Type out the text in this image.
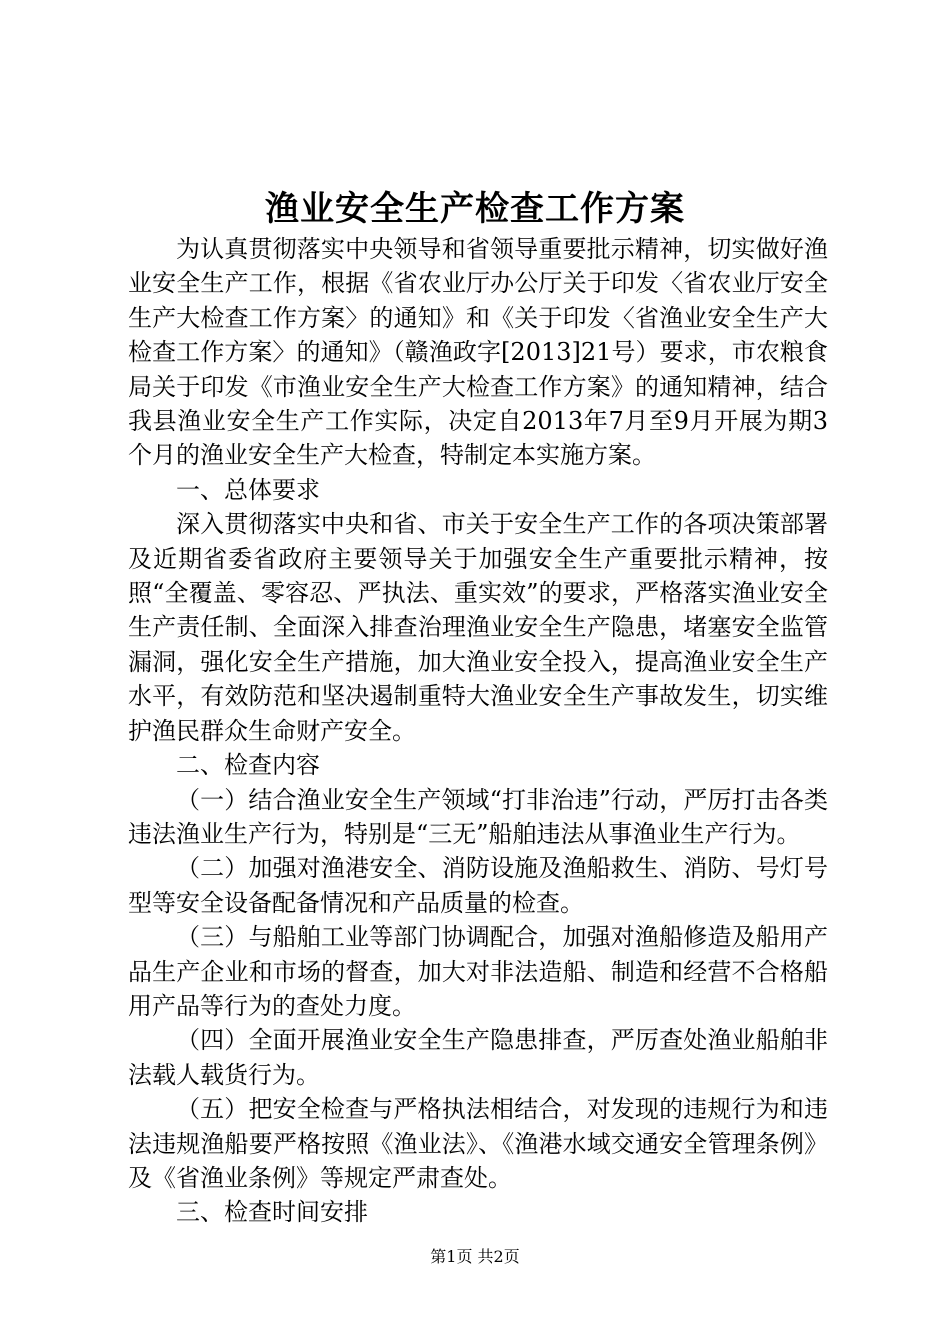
渔业安全生产检查工作方案

为认真贯彻落实中央领导和省领导重要批示精神，切实做好渔业安全生产工作，根据《省农业厅办公厅关于印发〈省农业厅安全生产大检查工作方案〉的通知》和《关于印发〈省渔业安全生产大检查工作方案〉的通知》（赣渔政字[2013]21号）要求，市农粮食局关于印发《市渔业安全生产大检查工作方案》的通知精神，结合我县渔业安全生产工作实际，决定自2013年7月至9月开展为期3个月的渔业安全生产大检查，特制定本实施方案。

一、总体要求

深入贯彻落实中央和省、市关于安全生产工作的各项决策部署及近期省委省政府主要领导关于加强安全生产重要批示精神，按照“全覆盖、零容忍、严执法、重实效”的要求，严格落实渔业安全生产责任制、全面深入排查治理渔业安全生产隐患，堵塞安全监管漏洞，强化安全生产措施，加大渔业安全投入，提高渔业安全生产水平，有效防范和坚决遏制重特大渔业安全生产事故发生，切实维护渔民群众生命财产安全。

二、检查内容

（一）结合渔业安全生产领域“打非治违”行动，严厉打击各类违法渔业生产行为，特别是“三无”船舶违法从事渔业生产行为。

（二）加强对渔港安全、消防设施及渔船救生、消防、号灯号型等安全设备配备情况和产品质量的检查。

（三）与船舶工业等部门协调配合，加强对渔船修造及船用产品生产企业和市场的督查，加大对非法造船、制造和经营不合格船用产品等行为的查处力度。

（四）全面开展渔业安全生产隐患排查，严厉查处渔业船舶非法载人载货行为。

（五）把安全检查与严格执法相结合，对发现的违规行为和违法违规渔船要严格按照《渔业法》、《渔港水域交通安全管理条例》及《省渔业条例》等规定严肃查处。

三、检查时间安排

第1页 共2页
